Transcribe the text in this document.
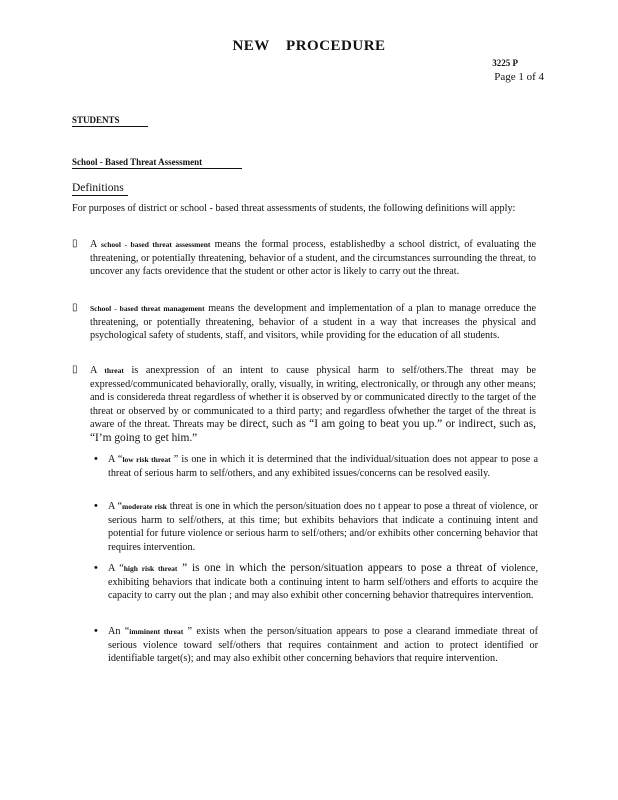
NEW PROCEDURE
3225 P
Page 1 of 4
STUDENTS
School - Based Threat Assessment
Definitions
For purposes of district or school - based threat assessments of students, the following definitions will apply:
▯ A school - based threat assessment means the formal process, establishedby a school district, of evaluating the threatening, or potentially threatening, behavior of a student, and the circumstances surrounding the threat, to uncover any facts orevidence that the student or other actor is likely to carry out the threat.
▯ School - based threat management means the development and implementation of a plan to manage orreduce the threatening, or potentially threatening, behavior of a student in a way that increases the physical and psychological safety of students, staff, and visitors, while providing for the education of all students.
▯ A threat is anexpression of an intent to cause physical harm to self/others.The threat may be expressed/communicated behaviorally, orally, visually, in writing, electronically, or through any other means; and is considereda threat regardless of whether it is observed by or communicated directly to the target of the threat or observed by or communicated to a third party; and regardless ofwhether the target of the threat is aware of the threat. Threats may be direct, such as “I am going to beat you up.” or indirect, such as, “I’m going to get him.”
• A “low risk threat ” is one in which it is determined that the individual/situation does not appear to pose a threat of serious harm to self/others, and any exhibited issues/concerns can be resolved easily.
• A “moderate risk threat is one in which the person/situation does no t appear to pose a threat of violence, or serious harm to self/others, at this time; but exhibits behaviors that indicate a continuing intent and potential for future violence or serious harm to self/others; and/or exhibits other concerning behavior that requires intervention.
• A “high risk threat ” is one in which the person/situation appears to pose a threat of violence, exhibiting behaviors that indicate both a continuing intent to harm self/others and efforts to acquire the capacity to carry out the plan ; and may also exhibit other concerning behavior thatrequires intervention.
• An “imminent threat ” exists when the person/situation appears to pose a clearand immediate threat of serious violence toward self/others that requires containment and action to protect identified or identifiable target(s); and may also exhibit other concerning behaviors that require intervention.
